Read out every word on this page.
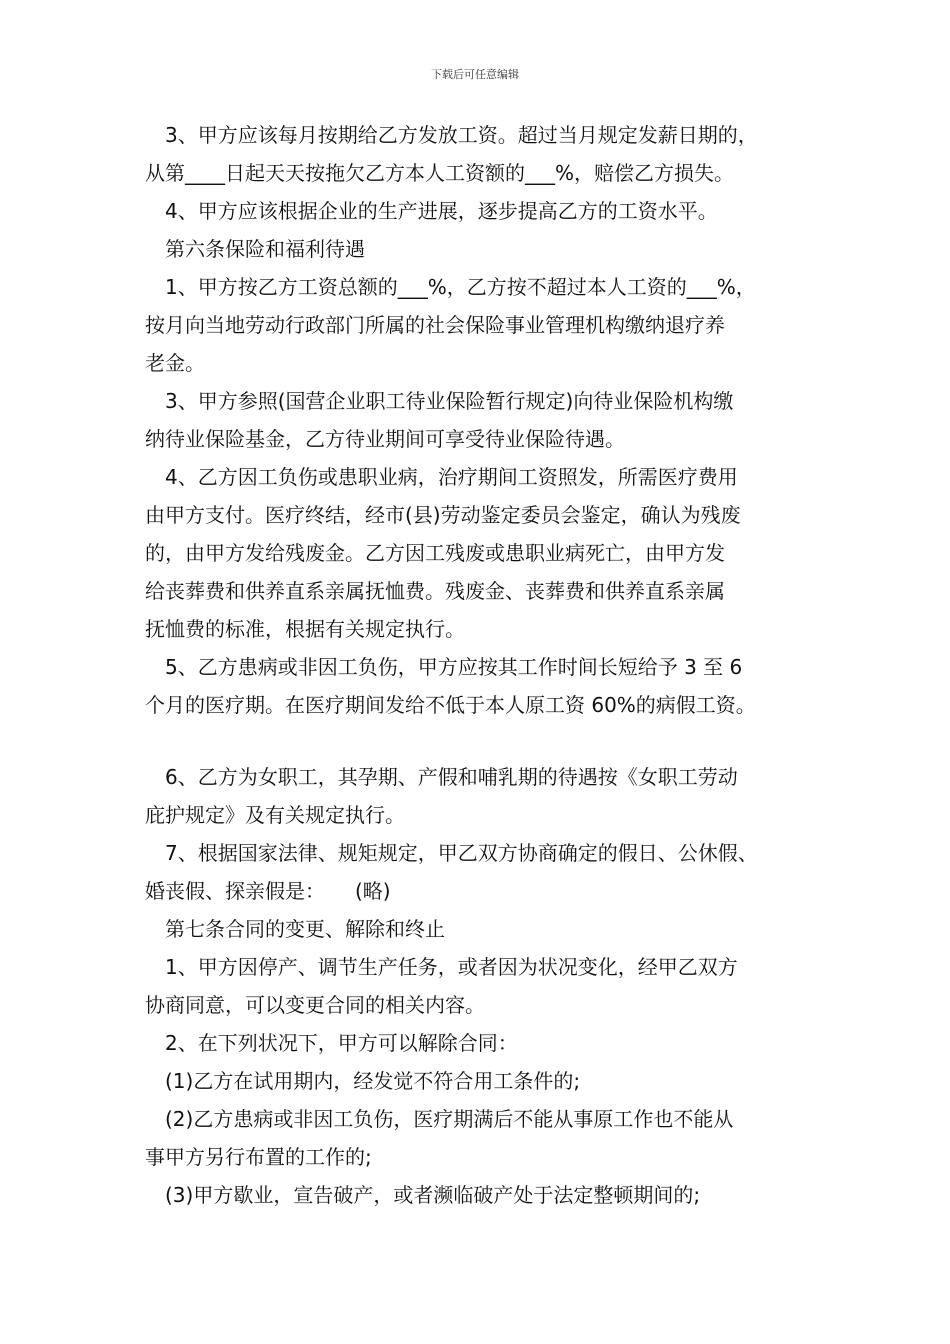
下载后可任意编辑
　3、甲方应该每月按期给乙方发放工资。超过当月规定发薪日期的，
从第____日起天天按拖欠乙方本人工资额的___%，赔偿乙方损失。
　4、甲方应该根据企业的生产进展，逐步提高乙方的工资水平。
　第六条保险和福利待遇
　1、甲方按乙方工资总额的___%，乙方按不超过本人工资的___%，
按月向当地劳动行政部门所属的社会保险事业管理机构缴纳退疗养
老金。
　3、甲方参照(国营企业职工待业保险暂行规定)向待业保险机构缴
纳待业保险基金，乙方待业期间可享受待业保险待遇。
　4、乙方因工负伤或患职业病，治疗期间工资照发，所需医疗费用
由甲方支付。医疗终结，经市(县)劳动鉴定委员会鉴定，确认为残废
的，由甲方发给残废金。乙方因工残废或患职业病死亡，由甲方发
给丧葬费和供养直系亲属抚恤费。残废金、丧葬费和供养直系亲属
抚恤费的标准，根据有关规定执行。
　5、乙方患病或非因工负伤，甲方应按其工作时间长短给予 3 至 6
个月的医疗期。在医疗期间发给不低于本人原工资 60%的病假工资。
　6、乙方为女职工，其孕期、产假和哺乳期的待遇按《女职工劳动
庇护规定》及有关规定执行。
　7、根据国家法律、规矩规定，甲乙双方协商确定的假日、公休假、
婚丧假、探亲假是：　　(略)
　第七条合同的变更、解除和终止
　1、甲方因停产、调节生产任务，或者因为状况变化，经甲乙双方
协商同意，可以变更合同的相关内容。
　2、在下列状况下，甲方可以解除合同：
　(1)乙方在试用期内，经发觉不符合用工条件的;
　(2)乙方患病或非因工负伤，医疗期满后不能从事原工作也不能从
事甲方另行布置的工作的;
　(3)甲方歇业，宣告破产，或者濒临破产处于法定整顿期间的;
